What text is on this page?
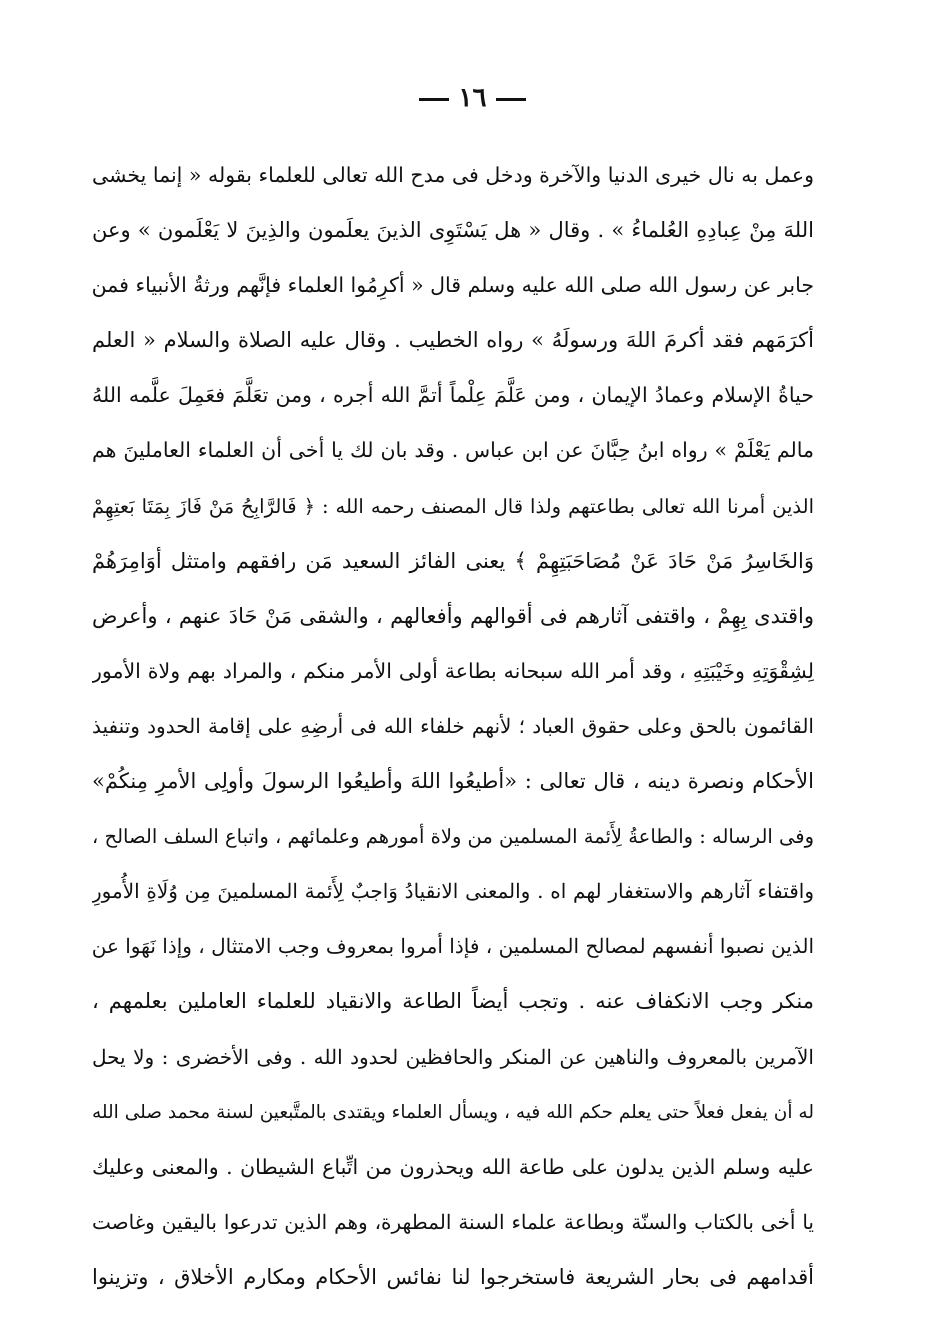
١٦
وعمل به نال خيرى الدنيا والآخرة ودخل فى مدح الله تعالى للعلماء بقوله « إنما يخشى
اللهَ مِنْ عِبادِهِ العُلماءُ » . وقال « هل يَسْتَوِى الذينَ يعلَمون والذِينَ لا يَعْلَمون » وعن
جابر عن رسول الله صلى الله عليه وسلم قال « أكرِمُوا العلماء فإنَّهم ورثةُ الأنبياء فمن
أكرَمَهم فقد أكرمَ اللهَ ورسولَهُ » رواه الخطيب . وقال عليه الصلاة والسلام « العلم
حياةُ الإسلام وعمادُ الإيمان ، ومن عَلَّمَ عِلْماً أتمَّ الله أجره ، ومن تعَلَّمَ فعَمِلَ علَّمه اللهُ
مالم يَعْلَمْ » رواه ابنُ حِبَّانَ عن ابن عباس . وقد بان لك يا أخى أن العلماء العاملينَ هم
الذين أمرنا الله تعالى بطاعتهم ولذا قال المصنف رحمه الله : ﴿ فَالرَّابِحُ مَنْ فَازَ بِمَتَا بَعتِهِمْ
وَالخَاسِرُ مَنْ حَادَ عَنْ مُصَاحَبَتِهِمْ ﴾ يعنى الفائز السعيد مَن رافقهم وامتثل أوَامِرَهُمْ
واقتدى بِهِمْ ، واقتفى آثارهم فى أقوالهم وأفعالهم ، والشقى مَنْ حَادَ عنهم ، وأعرض
لِشِقْوَتِهِ وخَيْبَتِهِ ، وقد أمر الله سبحانه بطاعة أولى الأمر منكم ، والمراد بهم ولاة الأمور
القائمون بالحق وعلى حقوق العباد ؛ لأنهم خلفاء الله فى أرضِهِ على إقامة الحدود وتنفيذ
الأحكام ونصرة دينه ، قال تعالى : «أطيعُوا اللهَ وأطيعُوا الرسولَ وأولِى الأمرِ مِنكُمْ»
وفى الرساله : والطاعةُ لِأَئمة المسلمين من ولاة أمورهم وعلمائهم ، واتباع السلف الصالح ،
واقتفاء آثارهم والاستغفار لهم اه . والمعنى الانقيادُ وَاجبٌ لِأَئمة المسلمينَ مِن وُلَاةِ الأُمورِ
الذين نصبوا أنفسهم لمصالح المسلمين ، فإذا أمروا بمعروف وجب الامتثال ، وإذا نَهَوا عن
منكر وجب الانكفاف عنه . وتجب أيضاً الطاعة والانقياد للعلماء العاملين بعلمهم ،
الآمرين بالمعروف والناهين عن المنكر والحافظين لحدود الله . وفى الأخضرى : ولا يحل
له أن يفعل فعلاً حتى يعلم حكم الله فيه ، ويسأل العلماء ويقتدى بالمتَّبعين لسنة محمد صلى الله
عليه وسلم الذين يدلون على طاعة الله ويحذرون من اتِّباع الشيطان . والمعنى وعليك
يا أخى بالكتاب والسنّة وبطاعة علماء السنة المطهرة، وهم الذين تدرعوا باليقين وغاصت
أقدامهم فى بحار الشريعة فاستخرجوا لنا نفائس الأحكام ومكارم الأخلاق ، وتزينوا
